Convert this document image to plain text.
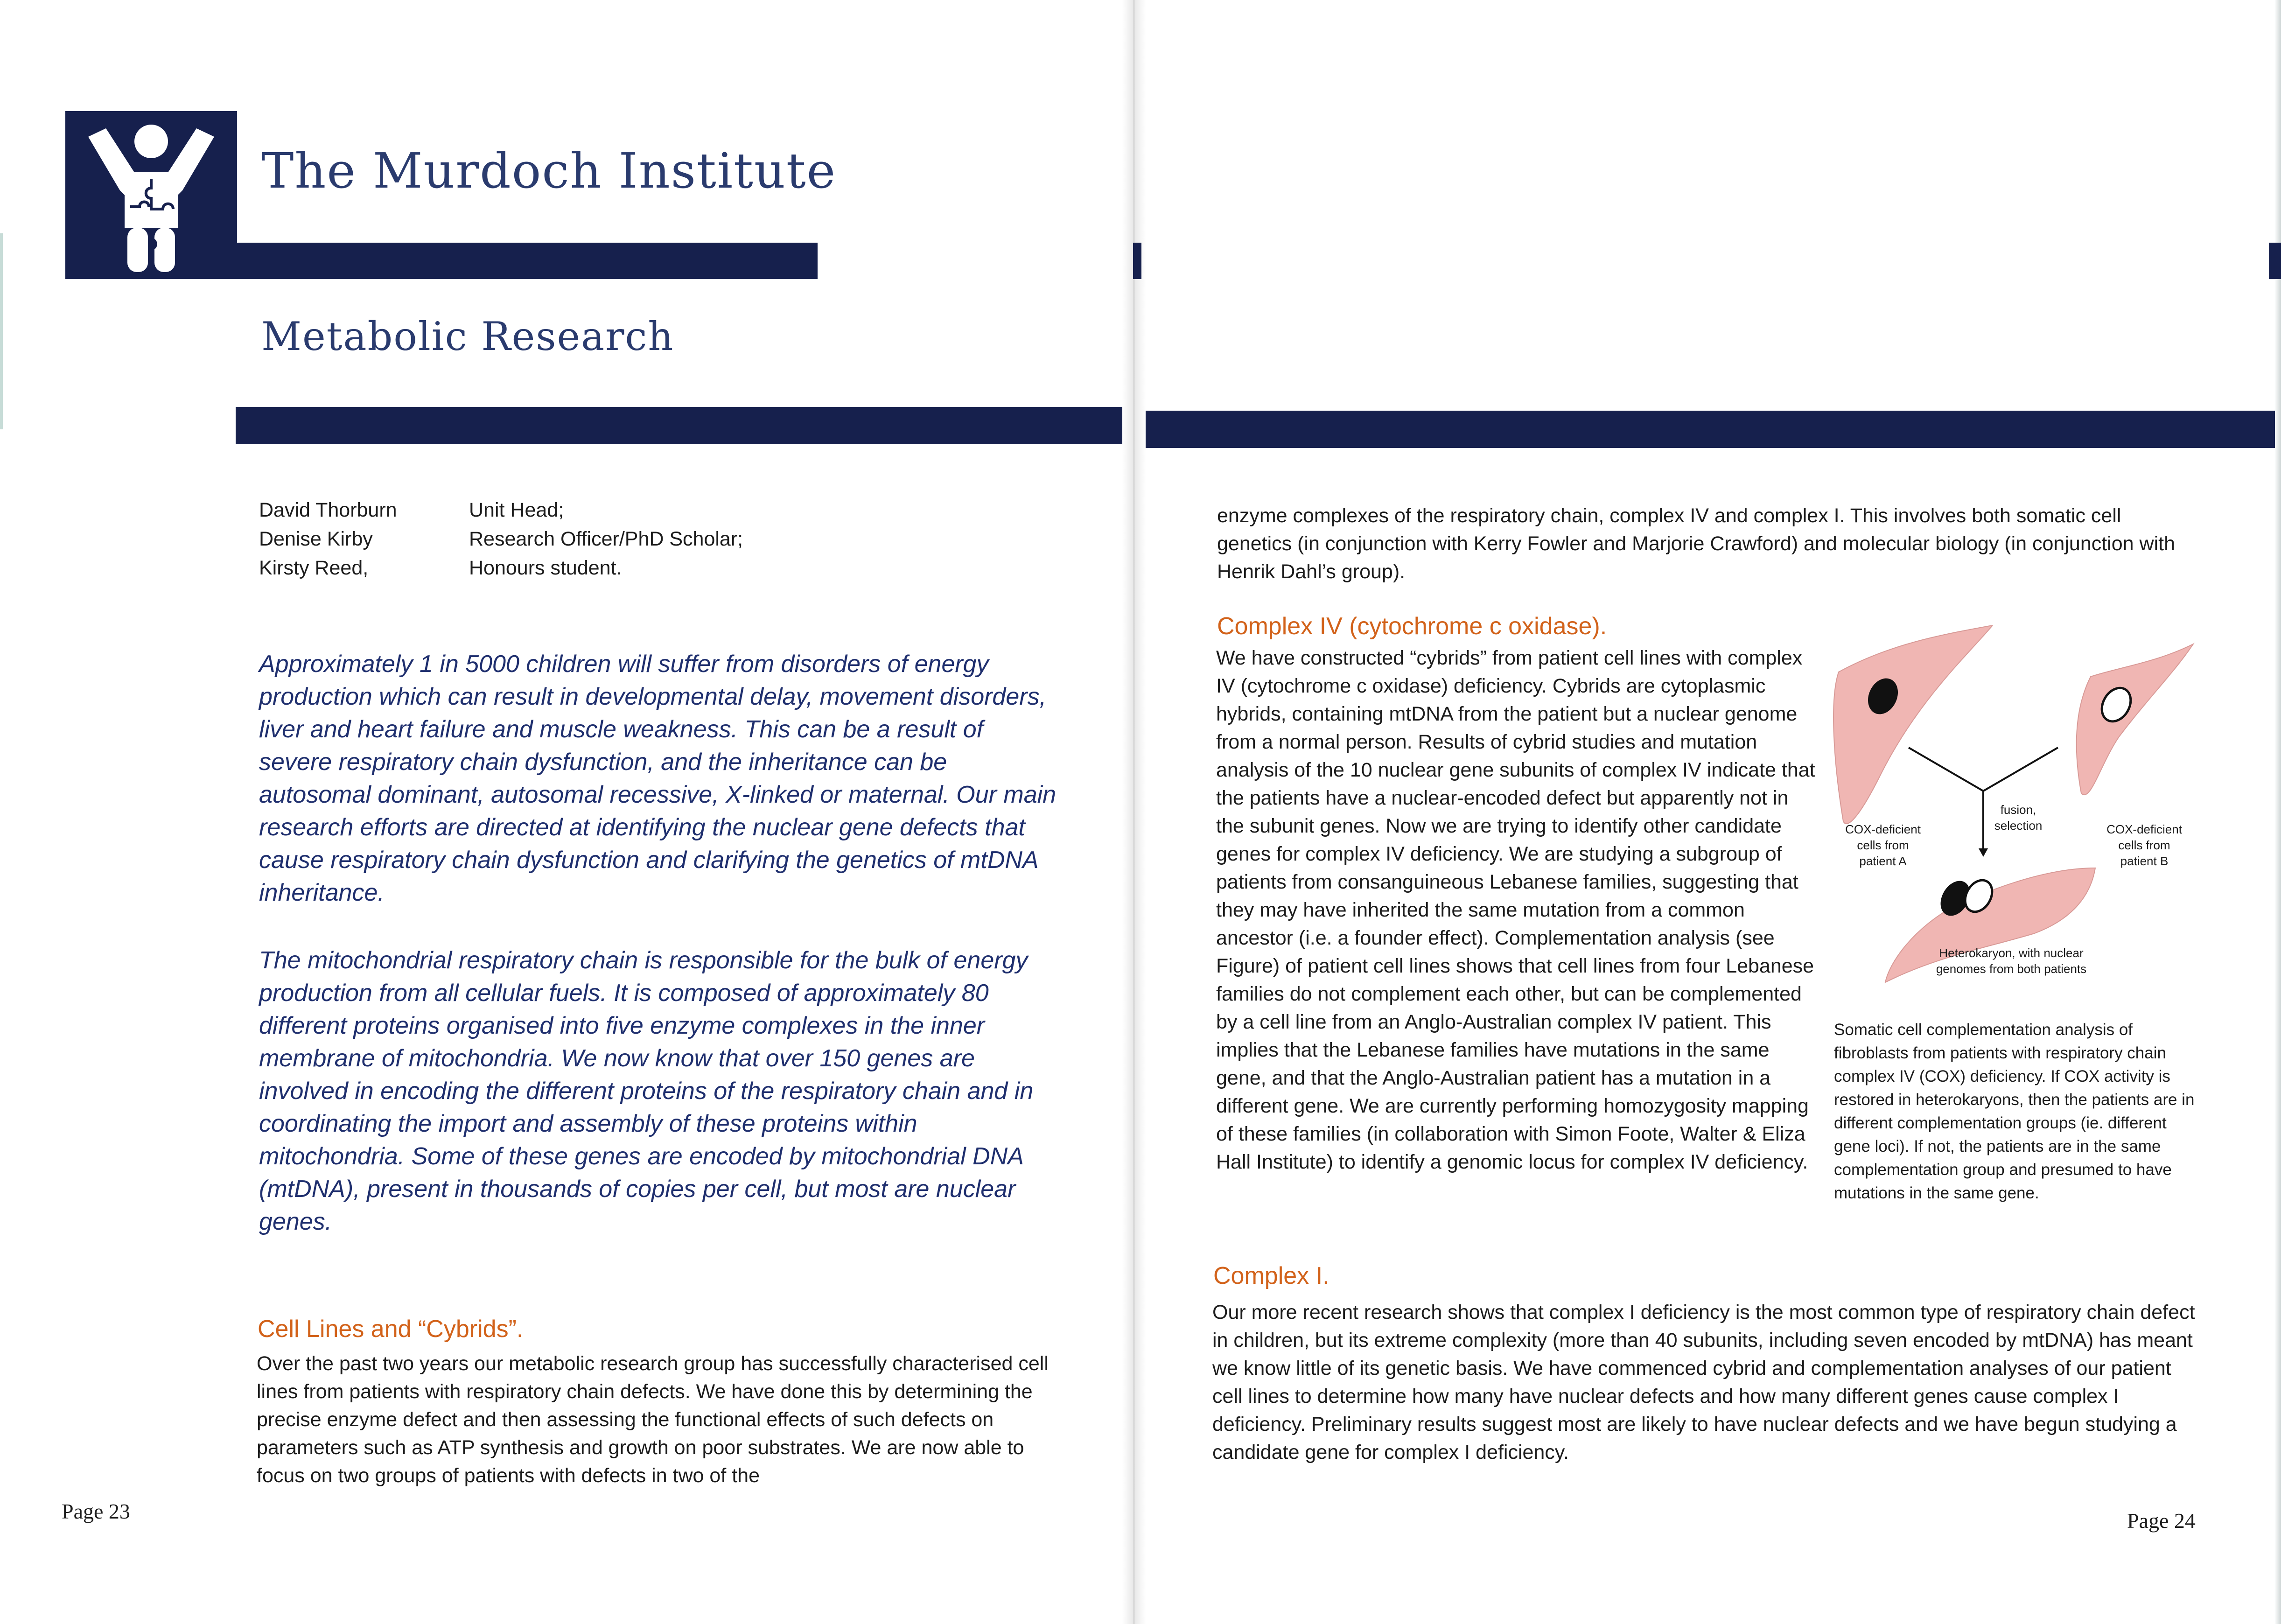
The Murdoch Institute
Metabolic Research
David Thorburn	Unit Head;
Denise Kirby	Research Officer/PhD Scholar;
Kirsty Reed,	Honours student.

Approximately 1 in 5000 children will suffer from disorders of energy production which can result in developmental delay, movement disorders, liver and heart failure and muscle weakness. This can be a result of severe respiratory chain dysfunction, and the inheritance can be autosomal dominant, autosomal recessive, X-linked or maternal. Our main research efforts are directed at identifying the nuclear gene defects that cause respiratory chain dysfunction and clarifying the genetics of mtDNA inheritance.

The mitochondrial respiratory chain is responsible for the bulk of energy production from all cellular fuels. It is composed of approximately 80 different proteins organised into five enzyme complexes in the inner membrane of mitochondria. We now know that over 150 genes are involved in encoding the different proteins of the respiratory chain and in coordinating the import and assembly of these proteins within mitochondria. Some of these genes are encoded by mitochondrial DNA (mtDNA), present in thousands of copies per cell, but most are nuclear genes.

Cell Lines and “Cybrids”.

Over the past two years our metabolic research group has successfully characterised cell lines from patients with respiratory chain defects. We have done this by determining the precise enzyme defect and then assessing the functional effects of such defects on parameters such as ATP synthesis and growth on poor substrates. We are now able to focus on two groups of patients with defects in two of the

Page 23

enzyme complexes of the respiratory chain, complex IV and complex I. This involves both somatic cell genetics (in conjunction with Kerry Fowler and Marjorie Crawford) and molecular biology (in conjunction with Henrik Dahl’s group).

Complex IV (cytochrome c oxidase).

We have constructed “cybrids” from patient cell lines with complex IV (cytochrome c oxidase) deficiency. Cybrids are cytoplasmic hybrids, containing mtDNA from the patient but a nuclear genome from a normal person. Results of cybrid studies and mutation analysis of the 10 nuclear gene subunits of complex IV indicate that the patients have a nuclear-encoded defect but apparently not in the subunit genes. Now we are trying to identify other candidate genes for complex IV deficiency. We are studying a subgroup of patients from consanguineous Lebanese families, suggesting that they may have inherited the same mutation from a common ancestor (i.e. a founder effect). Complementation analysis (see Figure) of patient cell lines shows that cell lines from four Lebanese families do not complement each other, but can be complemented by a cell line from an Anglo-Australian complex IV patient. This implies that the Lebanese families have mutations in the same gene, and that the Anglo-Australian patient has a mutation in a different gene. We are currently performing homozygosity mapping of these families (in collaboration with Simon Foote, Walter & Eliza Hall Institute) to identify a genomic locus for complex IV deficiency.

COX-deficient cells from patient A
COX-deficient cells from patient B
fusion, selection
Heterokaryon, with nuclear genomes from both patients
Somatic cell complementation analysis of fibroblasts from patients with respiratory chain complex IV (COX) deficiency. If COX activity is restored in heterokaryons, then the patients are in different complementation groups (ie. different gene loci). If not, the patients are in the same complementation group and presumed to have mutations in the same gene.
Complex I.

Our more recent research shows that complex I deficiency is the most common type of respiratory chain defect in children, but its extreme complexity (more than 40 subunits, including seven encoded by mtDNA) has meant we know little of its genetic basis. We have commenced cybrid and complementation analyses of our patient cell lines to determine how many have nuclear defects and how many different genes cause complex I deficiency. Preliminary results suggest most are likely to have nuclear defects and we have begun studying a candidate gene for complex I deficiency.

Page 24
